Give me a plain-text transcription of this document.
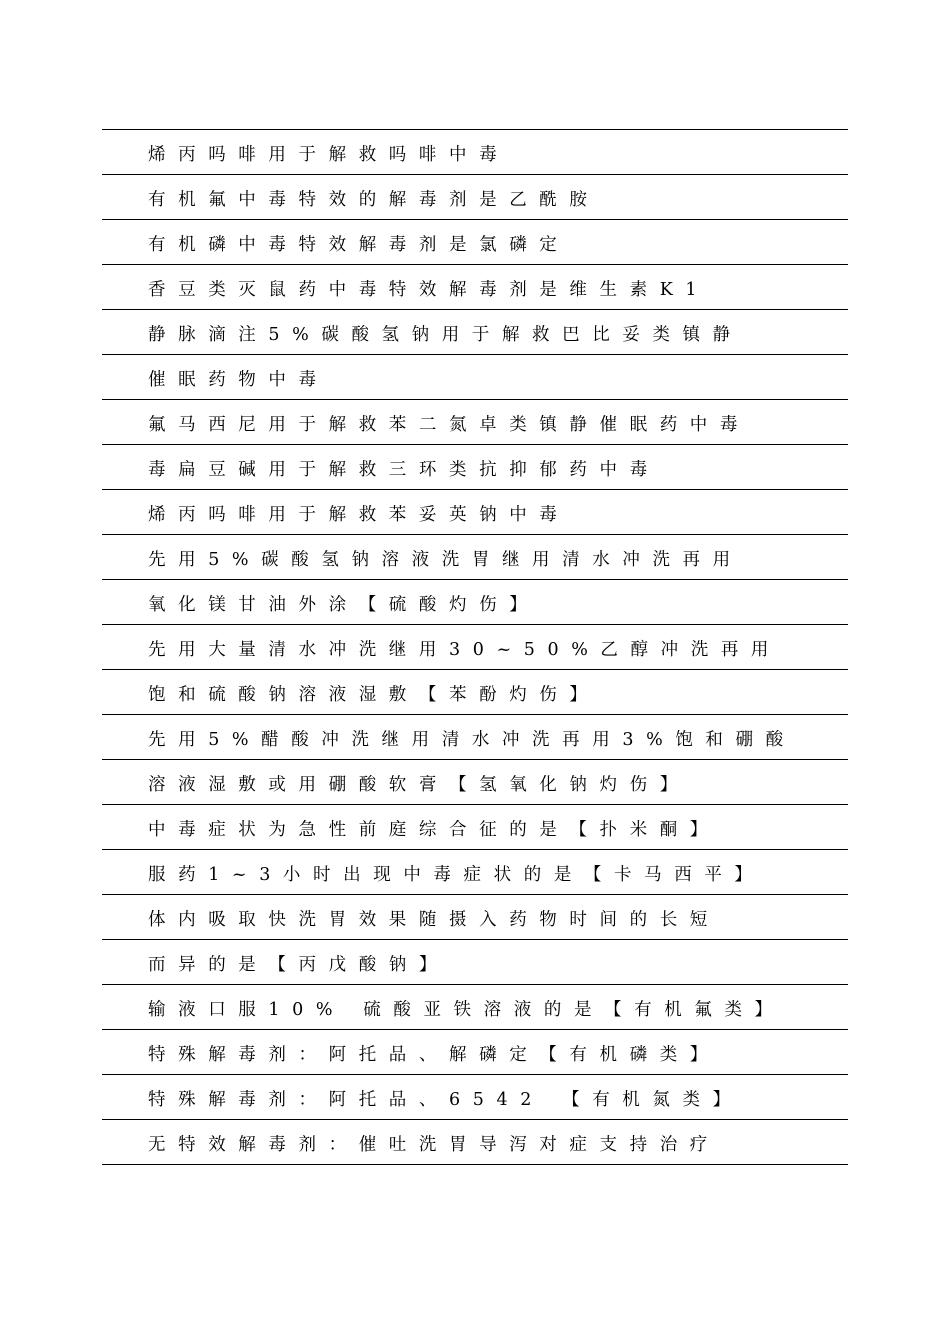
烯丙吗啡用于解救吗啡中毒
有机氟中毒特效的解毒剂是乙酰胺
有机磷中毒特效解毒剂是氯磷定
香豆类灭鼠药中毒特效解毒剂是维生素K1
静脉滴注5%碳酸氢钠用于解救巴比妥类镇静
催眠药物中毒
氟马西尼用于解救苯二氮卓类镇静催眠药中毒
毒扁豆碱用于解救三环类抗抑郁药中毒
烯丙吗啡用于解救苯妥英钠中毒
先用5%碳酸氢钠溶液洗胃继用清水冲洗再用
氧化镁甘油外涂【硫酸灼伤】
先用大量清水冲洗继用30~50%乙醇冲洗再用
饱和硫酸钠溶液湿敷【苯酚灼伤】
先用5%醋酸冲洗继用清水冲洗再用3%饱和硼酸
溶液湿敷或用硼酸软膏【氢氧化钠灼伤】
中毒症状为急性前庭综合征的是【扑米酮】
服药1~3小时出现中毒症状的是【卡马西平】
体内吸取快洗胃效果随摄入药物时间的长短
而异的是【丙戊酸钠】
输液口服10% 硫酸亚铁溶液的是【有机氟类】
特殊解毒剂：阿托品、解磷定【有机磷类】
特殊解毒剂：阿托品、6542 【有机氮类】
无特效解毒剂：催吐洗胃导泻对症支持治疗
